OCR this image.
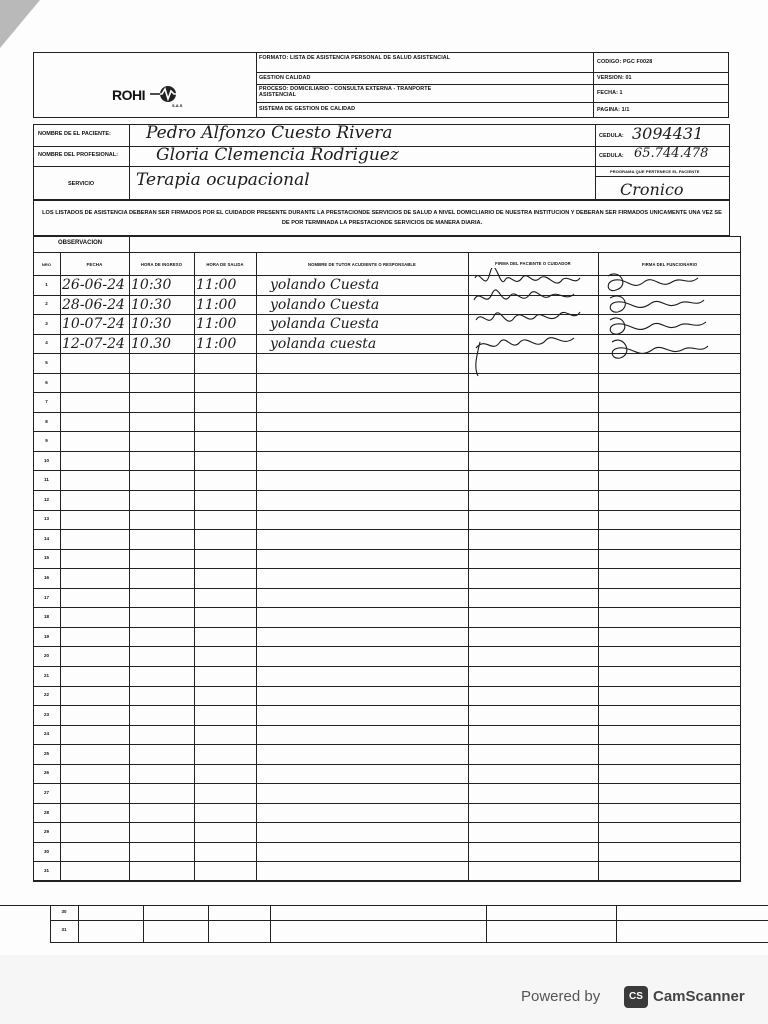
ROHI
S.A.S
FORMATO: LISTA DE ASISTENCIA PERSONAL DE SALUD ASISTENCIAL
GESTION CALIDAD
PROCESO: DOMICILIARIO - CONSULTA EXTERNA - TRANPORTE ASISTENCIAL
SISTEMA DE GESTION DE CALIDAD
CODIGO: PGC F0028
VERSION: 01
FECHA: 1
PAGINA: 1/1
NOMBRE DE EL PACIENTE: Pedro Alfonzo Cuesto Rivera	CEDULA: 3094431
NOMBRE DEL PROFESIONAL: Gloria Clemencia Rodriguez	CEDULA: 65.744.478
SERVICIO Terapia ocupacional	PROGRAMA QUE PERTENECE EL PACIENTE
Cronico
LOS LISTADOS DE ASISTENCIA DEBERAN SER FIRMADOS POR EL CUIDADOR PRESENTE DURANTE LA PRESTACIONDE SERVICIOS DE SALUD A NIVEL DOMICLIARIO DE NUESTRA INSTITUCION Y DEBERAN SER FIRMADOS UNICAMENTE UNA VEZ SE DE POR TERMINADA LA PRESTACIONDE SERVICIOS DE MANERA DIARIA.
OBSERVACION
NRO	FECHA	HORA DE INGRESO	HORA DE SALIDA	NOMBRE DE TUTOR ACUDIENTE O RESPONSABLE	FIRMA DEL PACIENTE O CUIDADOR	FIRMA DEL FUNCIONARIO
1	26-06-24 10:30 11:00 yolando Cuesta
2	28-06-24 10:30 11:00 yolando Cuesta
3	10-07-24 10:30 11:00 yolanda Cuesta
4	12-07-24 10.30 11:00 yolanda cuesta
5
6
7
8
9
10
11
12
13
14
15
16
17
18
19
20
21
22
23
24
25
26
27
28
29
30
31
30
31
Powered by	CS CamScanner
